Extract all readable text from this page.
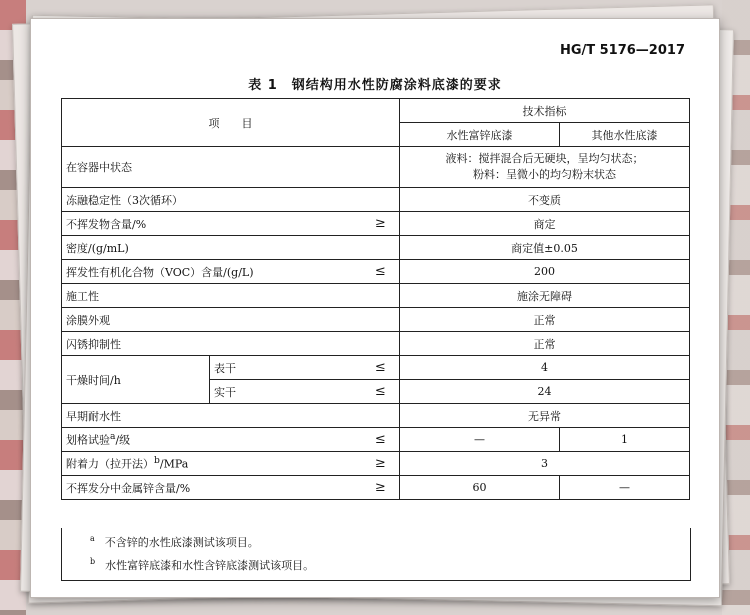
HG/T 5176—2017
表 1　钢结构用水性防腐涂料底漆的要求
项　　目			技术指标	
			水性富锌底漆	其他水性底漆
在容器中状态			液料：搅拌混合后无硬块，呈均匀状态；
粉料：呈微小的均匀粉末状态	

冻融稳定性（3次循环）			不变质	
不挥发物含量/%		≥	商定	
密度/(g/mL)			商定值±0.05	
挥发性有机化合物（VOC）含量/(g/L)		≤	200	
施工性			施涂无障碍	
涂膜外观			正常	
闪锈抑制性			正常	
干燥时间/h	表干	≤	4	
	实干	≤	24	
早期耐水性			无异常	
划格试验$^a$/级		≤	—	1
附着力（拉开法）$^b$/MPa		≥	3	
不挥发分中金属锌含量/%		≥	60	—
$^a$ 不含锌的水性底漆测试该项目。
$^b$ 水性富锌底漆和水性含锌底漆测试该项目。
